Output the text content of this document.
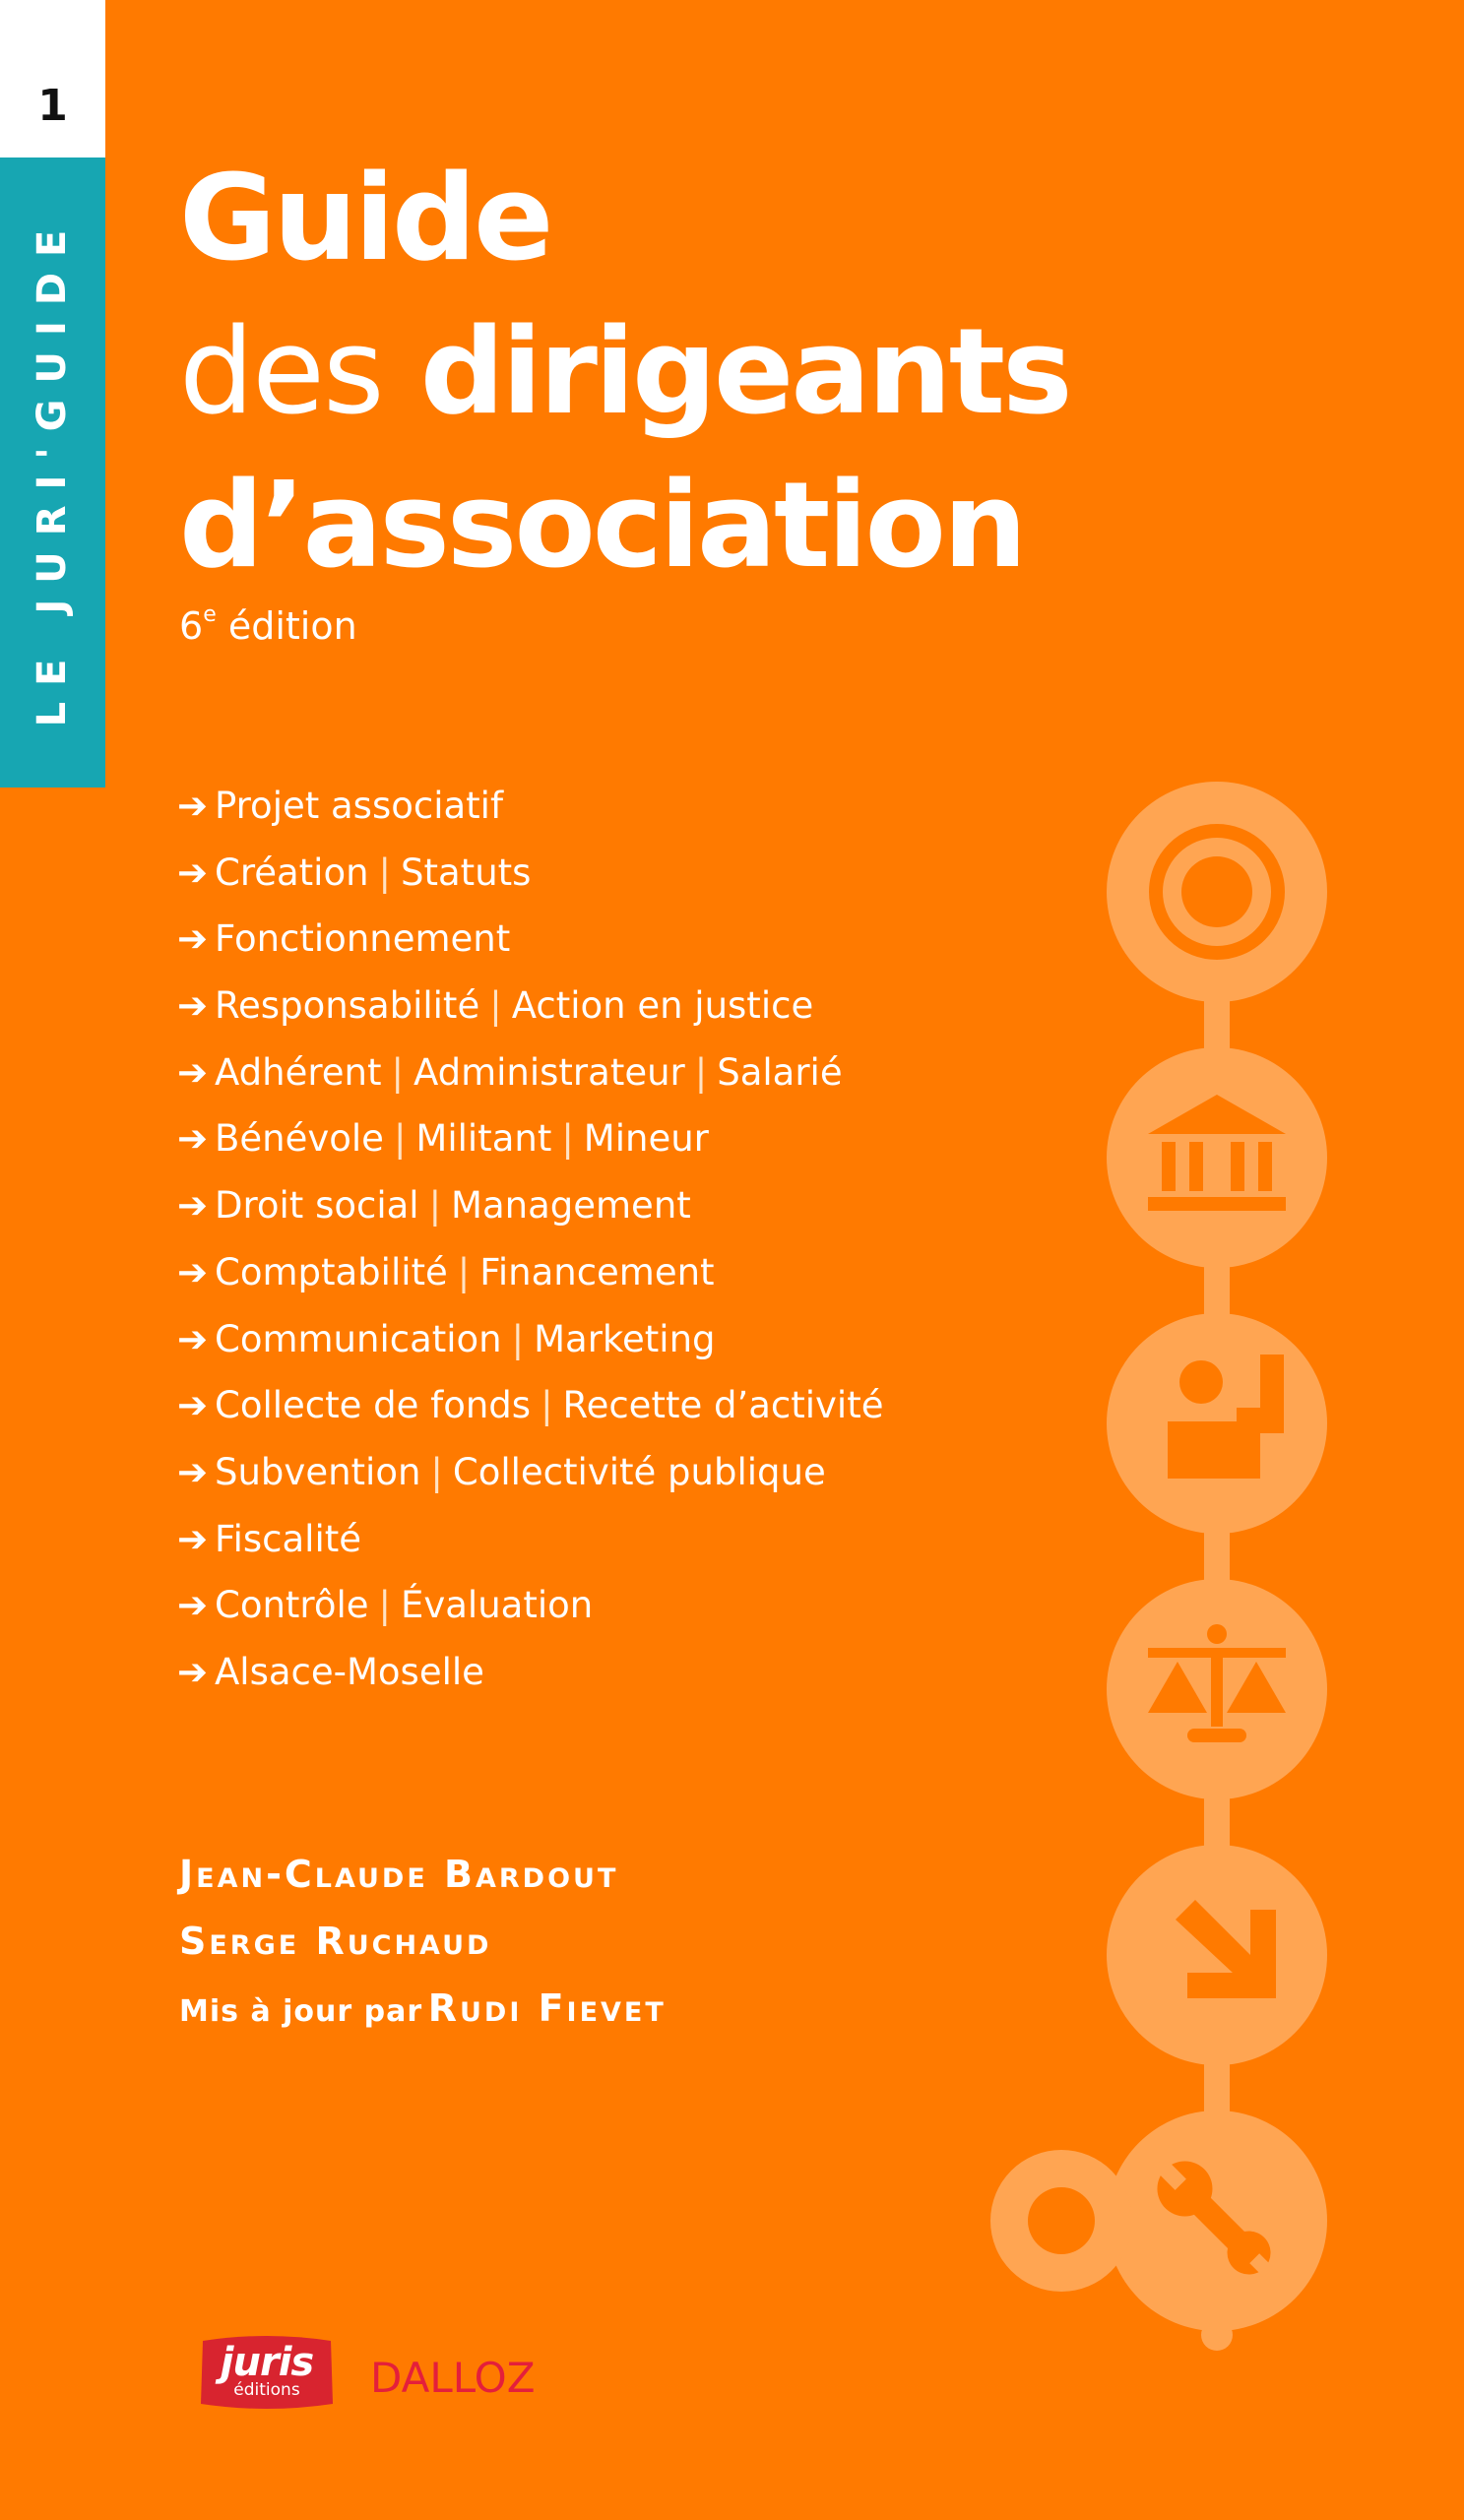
1
LE JURI'GUIDE Guide
des dirigeants
d’association
6e édition
➔ Projet associatif
➔ Création | Statuts
➔ Fonctionnement
➔ Responsabilité | Action en justice
➔ Adhérent | Administrateur | Salarié
➔ Bénévole | Militant | Mineur
➔ Droit social | Management
➔ Comptabilité | Financement
➔ Communication | Marketing
➔ Collecte de fonds | Recette d’activité
➔ Subvention | Collectivité publique
➔ Fiscalité
➔ Contrôle | Évaluation
➔ Alsace-Moselle
Jean-Claude Bardout
Serge Ruchaud
Mis à jour par Rudi Fievet
juris
éditions	DALLOZ
